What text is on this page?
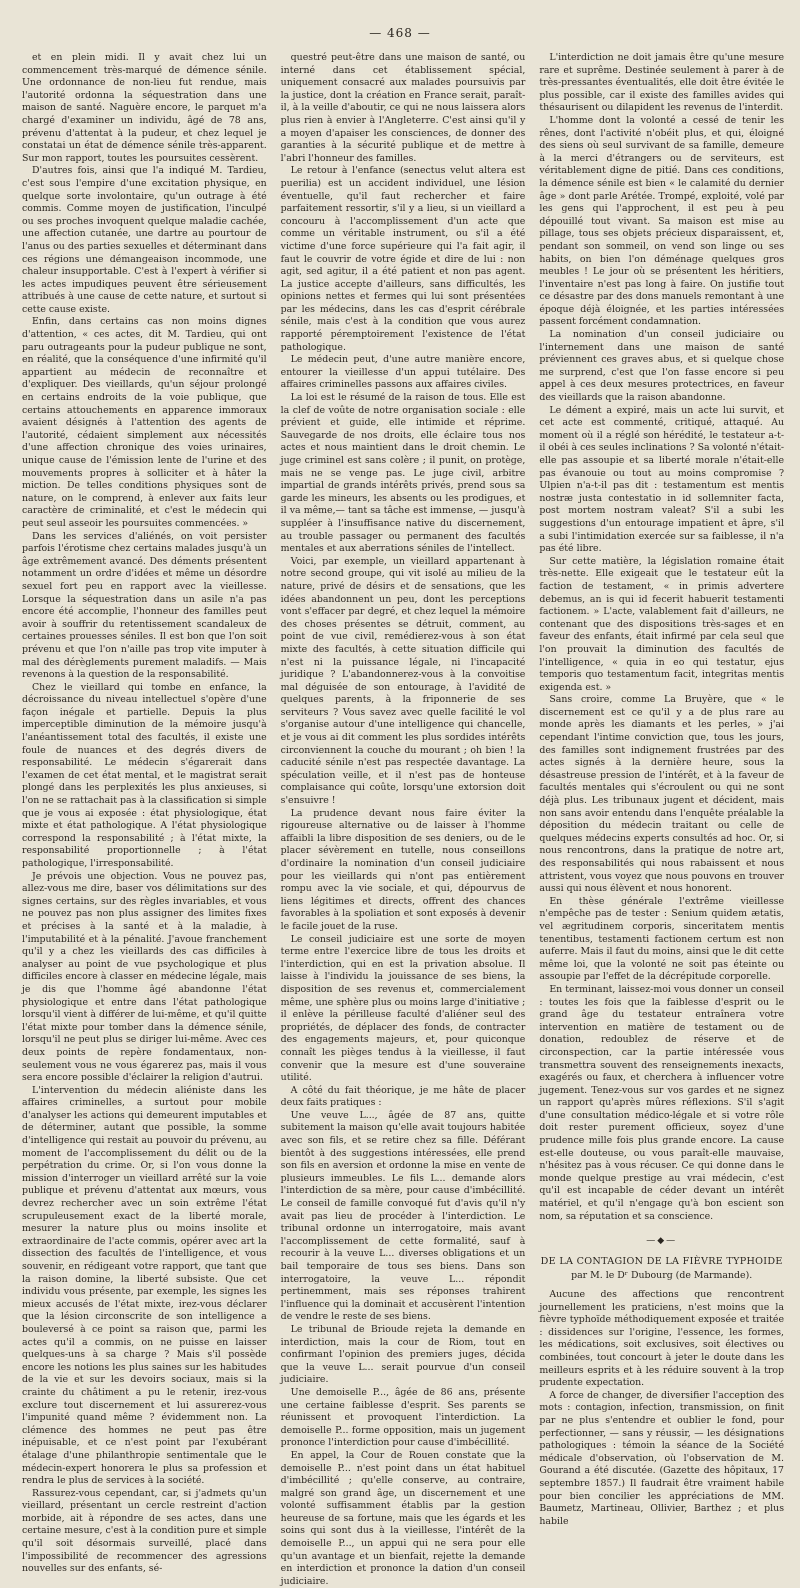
— 468 —

et en plein midi. Il y avait chez lui un commencement très-marqué de démence sénile. Une ordonnance de non-lieu fut rendue, mais l'autorité ordonna la séquestration dans une maison de santé. Naguère encore, le parquet m'a chargé d'examiner un individu, âgé de 78 ans, prévenu d'attentat à la pudeur, et chez lequel je constatai un état de démence sénile très-apparent. Sur mon rapport, toutes les poursuites cessèrent.

D'autres fois, ainsi que l'a indiqué M. Tardieu, c'est sous l'empire d'une excitation physique, en quelque sorte involontaire, qu'un outrage à été commis. Comme moyen de justification, l'inculpé ou ses proches invoquent quelque maladie cachée, une affection cutanée, une dartre au pourtour de l'anus ou des parties sexuelles et déterminant dans ces régions une démangeaison incommode, une chaleur insupportable. C'est à l'expert à vérifier si les actes impudiques peuvent être sérieusement attribués à une cause de cette nature, et surtout si cette cause existe.

Enfin, dans certains cas non moins dignes d'attention, « ces actes, dit M. Tardieu, qui ont paru outrageants pour la pudeur publique ne sont, en réalité, que la conséquence d'une infirmité qu'il appartient au médecin de reconnaître et d'expliquer. Des vieillards, qu'un séjour prolongé en certains endroits de la voie publique, que certains attouchements en apparence immoraux avaient désignés à l'attention des agents de l'autorité, cédaient simplement aux nécessités d'une affection chronique des voies urinaires, unique cause de l'émission lente de l'urine et des mouvements propres à solliciter et à hâter la miction. De telles conditions physiques sont de nature, on le comprend, à enlever aux faits leur caractère de criminalité, et c'est le médecin qui peut seul asseoir les poursuites commencées. »

Dans les services d'aliénés, on voit persister parfois l'érotisme chez certains malades jusqu'à un âge extrêmement avancé. Des déments présentent notamment un ordre d'idées et même un désordre sexuel fort peu en rapport avec la vieillesse. Lorsque la séquestration dans un asile n'a pas encore été accomplie, l'honneur des familles peut avoir à souffrir du retentissement scandaleux de certaines prouesses séniles. Il est bon que l'on soit prévenu et que l'on n'aille pas trop vite imputer à mal des dérèglements purement maladifs. — Mais revenons à la question de la responsabilité.

Chez le vieillard qui tombe en enfance, la décroissance du niveau intellectuel s'opère d'une façon inégale et partielle. Depuis la plus imperceptible diminution de la mémoire jusqu'à l'anéantissement total des facultés, il existe une foule de nuances et des degrés divers de responsabilité. Le médecin s'égarerait dans l'examen de cet état mental, et le magistrat serait plongé dans les perplexités les plus anxieuses, si l'on ne se rattachait pas à la classification si simple que je vous ai exposée : état physiologique, état mixte et état pathologique. A l'état physiologique correspond la responsabilité ; à l'état mixte, la responsabilité proportionnelle ; à l'état pathologique, l'irresponsabilité.

Je prévois une objection. Vous ne pouvez pas, allez-vous me dire, baser vos délimitations sur des signes certains, sur des règles invariables, et vous ne pouvez pas non plus assigner des limites fixes et précises à la santé et à la maladie, à l'imputabilité et à la pénalité. J'avoue franchement qu'il y a chez les vieillards des cas difficiles à analyser au point de vue psychologique et plus difficiles encore à classer en médecine légale, mais je dis que l'homme âgé abandonne l'état physiologique et entre dans l'état pathologique lorsqu'il vient à différer de lui-même, et qu'il quitte l'état mixte pour tomber dans la démence sénile, lorsqu'il ne peut plus se diriger lui-même. Avec ces deux points de repère fondamentaux, non-seulement vous ne vous égarerez pas, mais il vous sera encore possible d'éclairer la religion d'autrui.

L'intervention du médecin aliéniste dans les affaires criminelles, a surtout pour mobile d'analyser les actions qui demeurent imputables et de déterminer, autant que possible, la somme d'intelligence qui restait au pouvoir du prévenu, au moment de l'accomplissement du délit ou de la perpétration du crime. Or, si l'on vous donne la mission d'interroger un vieillard arrêté sur la voie publique et prévenu d'attentat aux mœurs, vous devrez rechercher avec un soin extrême l'état scrupuleusement exact de la liberté morale, mesurer la nature plus ou moins insolite et extraordinaire de l'acte commis, opérer avec art la dissection des facultés de l'intelligence, et vous souvenir, en rédigeant votre rapport, que tant que la raison domine, la liberté subsiste. Que cet individu vous présente, par exemple, les signes les mieux accusés de l'état mixte, irez-vous déclarer que la lésion circonscrite de son intelligence a bouleversé à ce point sa raison que, parmi les actes qu'il a commis, on ne puisse en laisser quelques-uns à sa charge ? Mais s'il possède encore les notions les plus saines sur les habitudes de la vie et sur les devoirs sociaux, mais si la crainte du châtiment a pu le retenir, irez-vous exclure tout discernement et lui assurerez-vous l'impunité quand même ? évidemment non. La clémence des hommes ne peut pas être inépuisable, et ce n'est point par l'exubérant étalage d'une philanthropie sentimentale que le médecin-expert honorera le plus sa profession et rendra le plus de services à la société.

Rassurez-vous cependant, car, si j'admets qu'un vieillard, présentant un cercle restreint d'action morbide, ait à répondre de ses actes, dans une certaine mesure, c'est à la condition pure et simple qu'il soit désormais surveillé, placé dans l'impossibilité de recommencer des agressions nouvelles sur des enfants, sé-

questré peut-être dans une maison de santé, ou interné dans cet établissement spécial, uniquement consacré aux malades poursuivis par la justice, dont la création en France serait, paraît-il, à la veille d'aboutir, ce qui ne nous laissera alors plus rien à envier à l'Angleterre. C'est ainsi qu'il y a moyen d'apaiser les consciences, de donner des garanties à la sécurité publique et de mettre à l'abri l'honneur des familles.

Le retour à l'enfance (senectus velut altera est puerilia) est un accident individuel, une lésion éventuelle, qu'il faut rechercher et faire parfaitement ressortir, s'il y a lieu, si un vieillard a concouru à l'accomplissement d'un acte que comme un véritable instrument, ou s'il a été victime d'une force supérieure qui l'a fait agir, il faut le couvrir de votre égide et dire de lui : non agit, sed agitur, il a été patient et non pas agent. La justice accepte d'ailleurs, sans difficultés, les opinions nettes et fermes qui lui sont présentées par les médecins, dans les cas d'esprit cérébrale sénile, mais c'est à la condition que vous aurez rapporté péremptoirement l'existence de l'état pathologique.

Le médecin peut, d'une autre manière encore, entourer la vieillesse d'un appui tutélaire. Des affaires criminelles passons aux affaires civiles.

La loi est le résumé de la raison de tous. Elle est la clef de voûte de notre organisation sociale : elle prévient et guide, elle intimide et réprime. Sauvegarde de nos droits, elle éclaire tous nos actes et nous maintient dans le droit chemin. Le juge criminel est sans colère ; il punit, on protège, mais ne se venge pas. Le juge civil, arbitre impartial de grands intérêts privés, prend sous sa garde les mineurs, les absents ou les prodigues, et il va même,— tant sa tâche est immense, — jusqu'à suppléer à l'insuffisance native du discernement, au trouble passager ou permanent des facultés mentales et aux aberrations séniles de l'intellect.

Voici, par exemple, un vieillard appartenant à notre second groupe, qui vit isolé au milieu de la nature, privé de désirs et de sensations, que les idées abandonnent un peu, dont les perceptions vont s'effacer par degré, et chez lequel la mémoire des choses présentes se détruit, comment, au point de vue civil, remédierez-vous à son état mixte des facultés, à cette situation difficile qui n'est ni la puissance légale, ni l'incapacité juridique ? L'abandonnerez-vous à la convoitise mal déguisée de son entourage, à l'avidité de quelques parents, à la friponnerie de ses serviteurs ? Vous savez avec quelle facilité le vol s'organise autour d'une intelligence qui chancelle, et je vous ai dit comment les plus sordides intérêts circonviennent la couche du mourant ; oh bien ! la caducité sénile n'est pas respectée davantage. La spéculation veille, et il n'est pas de honteuse complaisance qui coûte, lorsqu'une extorsion doit s'ensuivre !

La prudence devant nous faire éviter la rigoureuse alternative ou de laisser à l'homme affaibli la libre disposition de ses deniers, ou de le placer sévèrement en tutelle, nous conseillons d'ordinaire la nomination d'un conseil judiciaire pour les vieillards qui n'ont pas entièrement rompu avec la vie sociale, et qui, dépourvus de liens légitimes et directs, offrent des chances favorables à la spoliation et sont exposés à devenir le facile jouet de la ruse.

Le conseil judiciaire est une sorte de moyen terme entre l'exercice libre de tous les droits et l'interdiction, qui en est la privation absolue. Il laisse à l'individu la jouissance de ses biens, la disposition de ses revenus et, commercialement même, une sphère plus ou moins large d'initiative ; il enlève la périlleuse faculté d'aliéner seul des propriétés, de déplacer des fonds, de contracter des engagements majeurs, et, pour quiconque connaît les pièges tendus à la vieillesse, il faut convenir que la mesure est d'une souveraine utilité.

A côté du fait théorique, je me hâte de placer deux faits pratiques :

Une veuve L..., âgée de 87 ans, quitte subitement la maison qu'elle avait toujours habitée avec son fils, et se retire chez sa fille. Déférant bientôt à des suggestions intéressées, elle prend son fils en aversion et ordonne la mise en vente de plusieurs immeubles. Le fils L... demande alors l'interdiction de sa mère, pour cause d'imbécillité. Le conseil de famille convoqué fut d'avis qu'il n'y avait pas lieu de procéder à l'interdiction. Le tribunal ordonne un interrogatoire, mais avant l'accomplissement de cette formalité, sauf à recourir à la veuve L... diverses obligations et un bail temporaire de tous ses biens. Dans son interrogatoire, la veuve L... répondit pertinemment, mais ses réponses trahirent l'influence qui la dominait et accusèrent l'intention de vendre le reste de ses biens.

Le tribunal de Brioude rejeta la demande en interdiction, mais la cour de Riom, tout en confirmant l'opinion des premiers juges, décida que la veuve L... serait pourvue d'un conseil judiciaire.

Une demoiselle P..., âgée de 86 ans, présente une certaine faiblesse d'esprit. Ses parents se réunissent et provoquent l'interdiction. La demoiselle P... forme opposition, mais un jugement prononce l'interdiction pour cause d'imbécillité.

En appel, la Cour de Rouen constate que la demoiselle P... n'est point dans un état habituel d'imbécillité ; qu'elle conserve, au contraire, malgré son grand âge, un discernement et une volonté suffisamment établis par la gestion heureuse de sa fortune, mais que les égards et les soins qui sont dus à la vieillesse, l'intérêt de la demoiselle P..., un appui qui ne sera pour elle qu'un avantage et un bienfait, rejette la demande en interdiction et prononce la dation d'un conseil judiciaire.

L'interdiction ne doit jamais être qu'une mesure rare et suprême. Destinée seulement à parer à de très-pressantes éventualités, elle doit être évitée le plus possible, car il existe des familles avides qui thésaurisent ou dilapident les revenus de l'interdit.

L'homme dont la volonté a cessé de tenir les rênes, dont l'activité n'obéit plus, et qui, éloigné des siens où seul survivant de sa famille, demeure à la merci d'étrangers ou de serviteurs, est véritablement digne de pitié. Dans ces conditions, la démence sénile est bien « le calamité du dernier âge » dont parle Arétée. Trompé, exploité, volé par les gens qui l'approchent, il est peu à peu dépouillé tout vivant. Sa maison est mise au pillage, tous ses objets précieux disparaissent, et, pendant son sommeil, on vend son linge ou ses habits, on bien l'on déménage quelques gros meubles ! Le jour où se présentent les héritiers, l'inventaire n'est pas long à faire. On justifie tout ce désastre par des dons manuels remontant à une époque déjà éloignée, et les parties intéressées passent forcément condamnation.

La nomination d'un conseil judiciaire ou l'internement dans une maison de santé préviennent ces graves abus, et si quelque chose me surprend, c'est que l'on fasse encore si peu appel à ces deux mesures protectrices, en faveur des vieillards que la raison abandonne.

Le dément a expiré, mais un acte lui survit, et cet acte est commenté, critiqué, attaqué. Au moment où il a réglé son hérédité, le testateur a-t-il obéi à ces seules inclinations ? Sa volonté n'était-elle pas assoupie et sa liberté morale n'était-elle pas évanouie ou tout au moins compromise ? Ulpien n'a-t-il pas dit : testamentum est mentis nostræ justa contestatio in id sollemniter facta, post mortem nostram valeat? S'il a subi les suggestions d'un entourage impatient et âpre, s'il a subi l'intimidation exercée sur sa faiblesse, il n'a pas été libre.

Sur cette matière, la législation romaine était très-nette. Elle exigeait que le testateur eût la faction de testament, « in primis advertere debemus, an is qui id fecerit habuerit testamenti factionem. » L'acte, valablement fait d'ailleurs, ne contenant que des dispositions très-sages et en faveur des enfants, était infirmé par cela seul que l'on prouvait la diminution des facultés de l'intelligence, « quia in eo qui testatur, ejus temporis quo testamentum facit, integritas mentis exigenda est. »

Sans croire, comme La Bruyère, que « le discernement est ce qu'il y a de plus rare au monde après les diamants et les perles, » j'ai cependant l'intime conviction que, tous les jours, des familles sont indignement frustrées par des actes signés à la dernière heure, sous la désastreuse pression de l'intérêt, et à la faveur de facultés mentales qui s'écroulent ou qui ne sont déjà plus. Les tribunaux jugent et décident, mais non sans avoir entendu dans l'enquête préalable la déposition du médecin traitant ou celle de quelques médecins experts consultés ad hoc. Or, si nous rencontrons, dans la pratique de notre art, des responsabilités qui nous rabaissent et nous attristent, vous voyez que nous pouvons en trouver aussi qui nous élèvent et nous honorent.

En thèse générale l'extrême vieillesse n'empêche pas de tester : Senium quidem ætatis, vel ægritudinem corporis, sinceritatem mentis tenentibus, testamenti factionem certum est non auferre. Mais il faut du moins, ainsi que le dit cette même loi, que la volonté ne soit pas éteinte ou assoupie par l'effet de la décrépitude corporelle.

En terminant, laissez-moi vous donner un conseil : toutes les fois que la faiblesse d'esprit ou le grand âge du testateur entraînera votre intervention en matière de testament ou de donation, redoublez de réserve et de circonspection, car la partie intéressée vous transmettra souvent des renseignements inexacts, exagérés ou faux, et cherchera à influencer votre jugement. Tenez-vous sur vos gardes et ne signez un rapport qu'après mûres réflexions. S'il s'agit d'une consultation médico-légale et si votre rôle doit rester purement officieux, soyez d'une prudence mille fois plus grande encore. La cause est-elle douteuse, ou vous paraît-elle mauvaise, n'hésitez pas à vous récuser. Ce qui donne dans le monde quelque prestige au vrai médecin, c'est qu'il est incapable de céder devant un intérêt matériel, et qu'il n'engage qu'à bon escient son nom, sa réputation et sa conscience.

—◆—
DE LA CONTAGION DE LA FIÈVRE TYPHOIDE
par M. le Dʳ Dubourg (de Marmande).

Aucune des affections que rencontrent journellement les praticiens, n'est moins que la fièvre typhoïde méthodiquement exposée et traitée : dissidences sur l'origine, l'essence, les formes, les médications, soit exclusives, soit électives ou combinées, tout concourt à jeter le doute dans les meilleurs esprits et à les réduire souvent à la trop prudente expectation.

A force de changer, de diversifier l'acception des mots : contagion, infection, transmission, on finit par ne plus s'entendre et oublier le fond, pour perfectionner, — sans y réussir, — les désignations pathologiques : témoin la séance de la Société médicale d'observation, où l'observation de M. Gourand a été discutée. (Gazette des hôpitaux, 17 septembre 1857.) Il faudrait être vraiment habile pour bien concilier les appréciations de MM. Baumetz, Martineau, Ollivier, Barthez ; et plus habile
